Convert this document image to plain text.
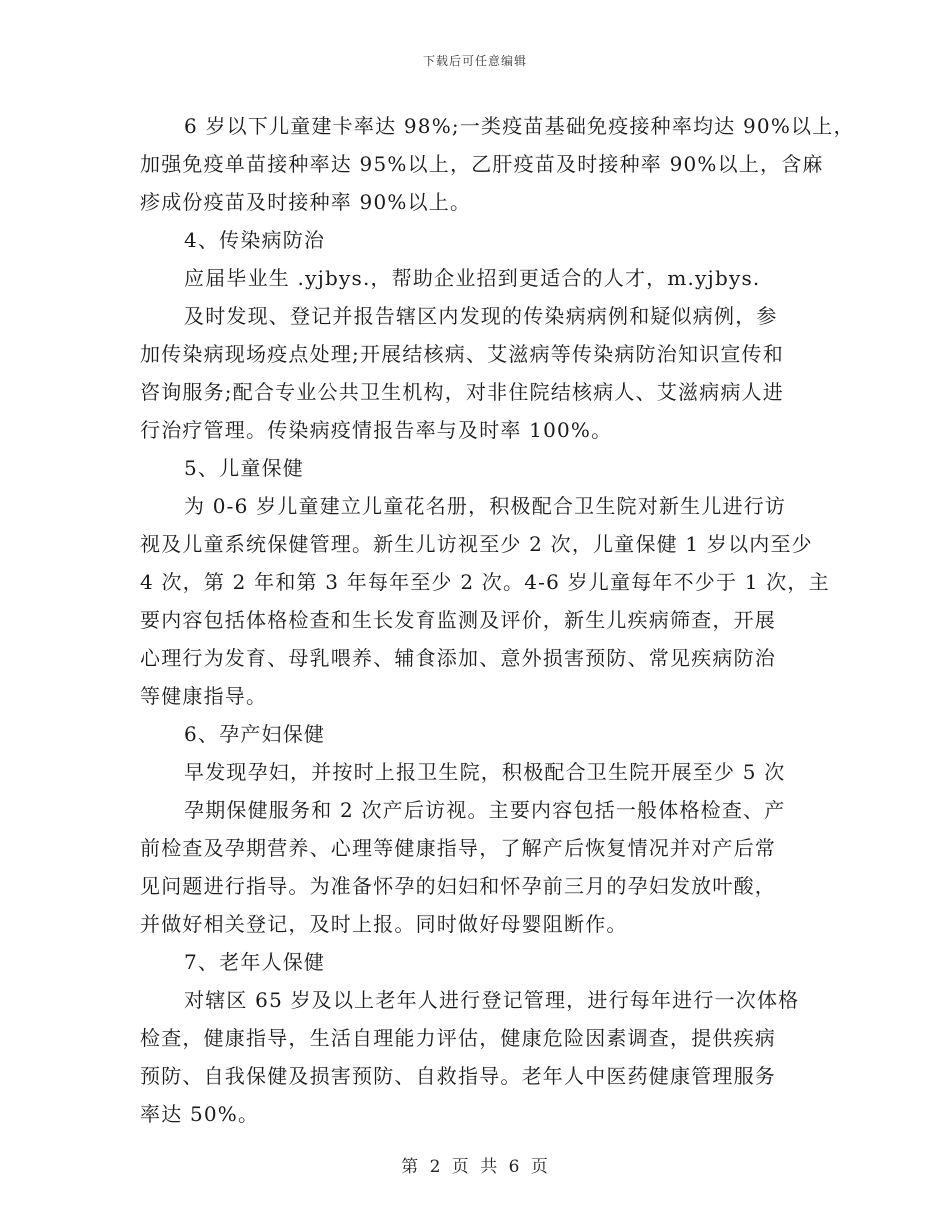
下载后可任意编辑
6 岁以下儿童建卡率达 98%;一类疫苗基础免疫接种率均达 90%以上，
加强免疫单苗接种率达 95%以上，乙肝疫苗及时接种率 90%以上，含麻
疹成份疫苗及时接种率 90%以上。
4、传染病防治
应届毕业生 .yjbys.，帮助企业招到更适合的人才，m.yjbys.
及时发现、登记并报告辖区内发现的传染病病例和疑似病例，参
加传染病现场疫点处理;开展结核病、艾滋病等传染病防治知识宣传和
咨询服务;配合专业公共卫生机构，对非住院结核病人、艾滋病病人进
行治疗管理。传染病疫情报告率与及时率 100%。
5、儿童保健
为 0-6 岁儿童建立儿童花名册，积极配合卫生院对新生儿进行访
视及儿童系统保健管理。新生儿访视至少 2 次，儿童保健 1 岁以内至少
4 次，第 2 年和第 3 年每年至少 2 次。4-6 岁儿童每年不少于 1 次，主
要内容包括体格检查和生长发育监测及评价，新生儿疾病筛查，开展
心理行为发育、母乳喂养、辅食添加、意外损害预防、常见疾病防治
等健康指导。
6、孕产妇保健
早发现孕妇，并按时上报卫生院，积极配合卫生院开展至少 5 次
孕期保健服务和 2 次产后访视。主要内容包括一般体格检查、产
前检查及孕期营养、心理等健康指导，了解产后恢复情况并对产后常
见问题进行指导。为准备怀孕的妇妇和怀孕前三月的孕妇发放叶酸，
并做好相关登记，及时上报。同时做好母婴阻断作。
7、老年人保健
对辖区 65 岁及以上老年人进行登记管理，进行每年进行一次体格
检查，健康指导，生活自理能力评估，健康危险因素调查，提供疾病
预防、自我保健及损害预防、自救指导。老年人中医药健康管理服务
率达 50%。
第 2 页 共 6 页
